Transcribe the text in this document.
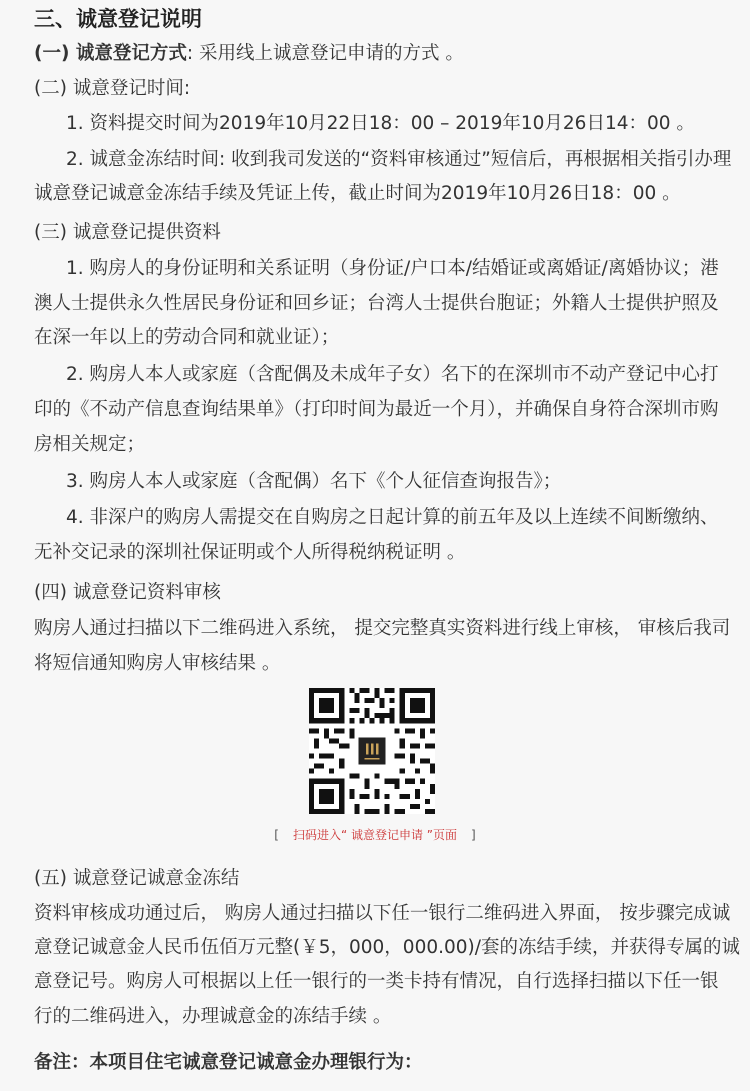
三、诚意登记说明
(一) 诚意登记方式: 采用线上诚意登记申请的方式 。
(二) 诚意登记时间:
1. 资料提交时间为2019年10月22日18：00 – 2019年10月26日14：00 。
2. 诚意金冻结时间: 收到我司发送的“资料审核通过”短信后，再根据相关指引办理
诚意登记诚意金冻结手续及凭证上传，截止时间为2019年10月26日18：00 。
(三) 诚意登记提供资料
1. 购房人的身份证明和关系证明（身份证/户口本/结婚证或离婚证/离婚协议；港
澳人士提供永久性居民身份证和回乡证；台湾人士提供台胞证；外籍人士提供护照及
在深一年以上的劳动合同和就业证）；
2. 购房人本人或家庭（含配偶及未成年子女）名下的在深圳市不动产登记中心打
印的《不动产信息查询结果单》（打印时间为最近一个月），并确保自身符合深圳市购
房相关规定；
3. 购房人本人或家庭（含配偶）名下《个人征信查询报告》；
4. 非深户的购房人需提交在自购房之日起计算的前五年及以上连续不间断缴纳、
无补交记录的深圳社保证明或个人所得税纳税证明 。
(四) 诚意登记资料审核
购房人通过扫描以下二维码进入系统， 提交完整真实资料进行线上审核， 审核后我司
将短信通知购房人审核结果 。
[ 扫码进入“ 诚意登记申请 ”页面 ]
(五) 诚意登记诚意金冻结
资料审核成功通过后， 购房人通过扫描以下任一银行二维码进入界面， 按步骤完成诚
意登记诚意金人民币伍佰万元整(￥5，000，000.00)/套的冻结手续，并获得专属的诚
意登记号。购房人可根据以上任一银行的一类卡持有情况，自行选择扫描以下任一银
行的二维码进入，办理诚意金的冻结手续 。
备注：本项目住宅诚意登记诚意金办理银行为：
